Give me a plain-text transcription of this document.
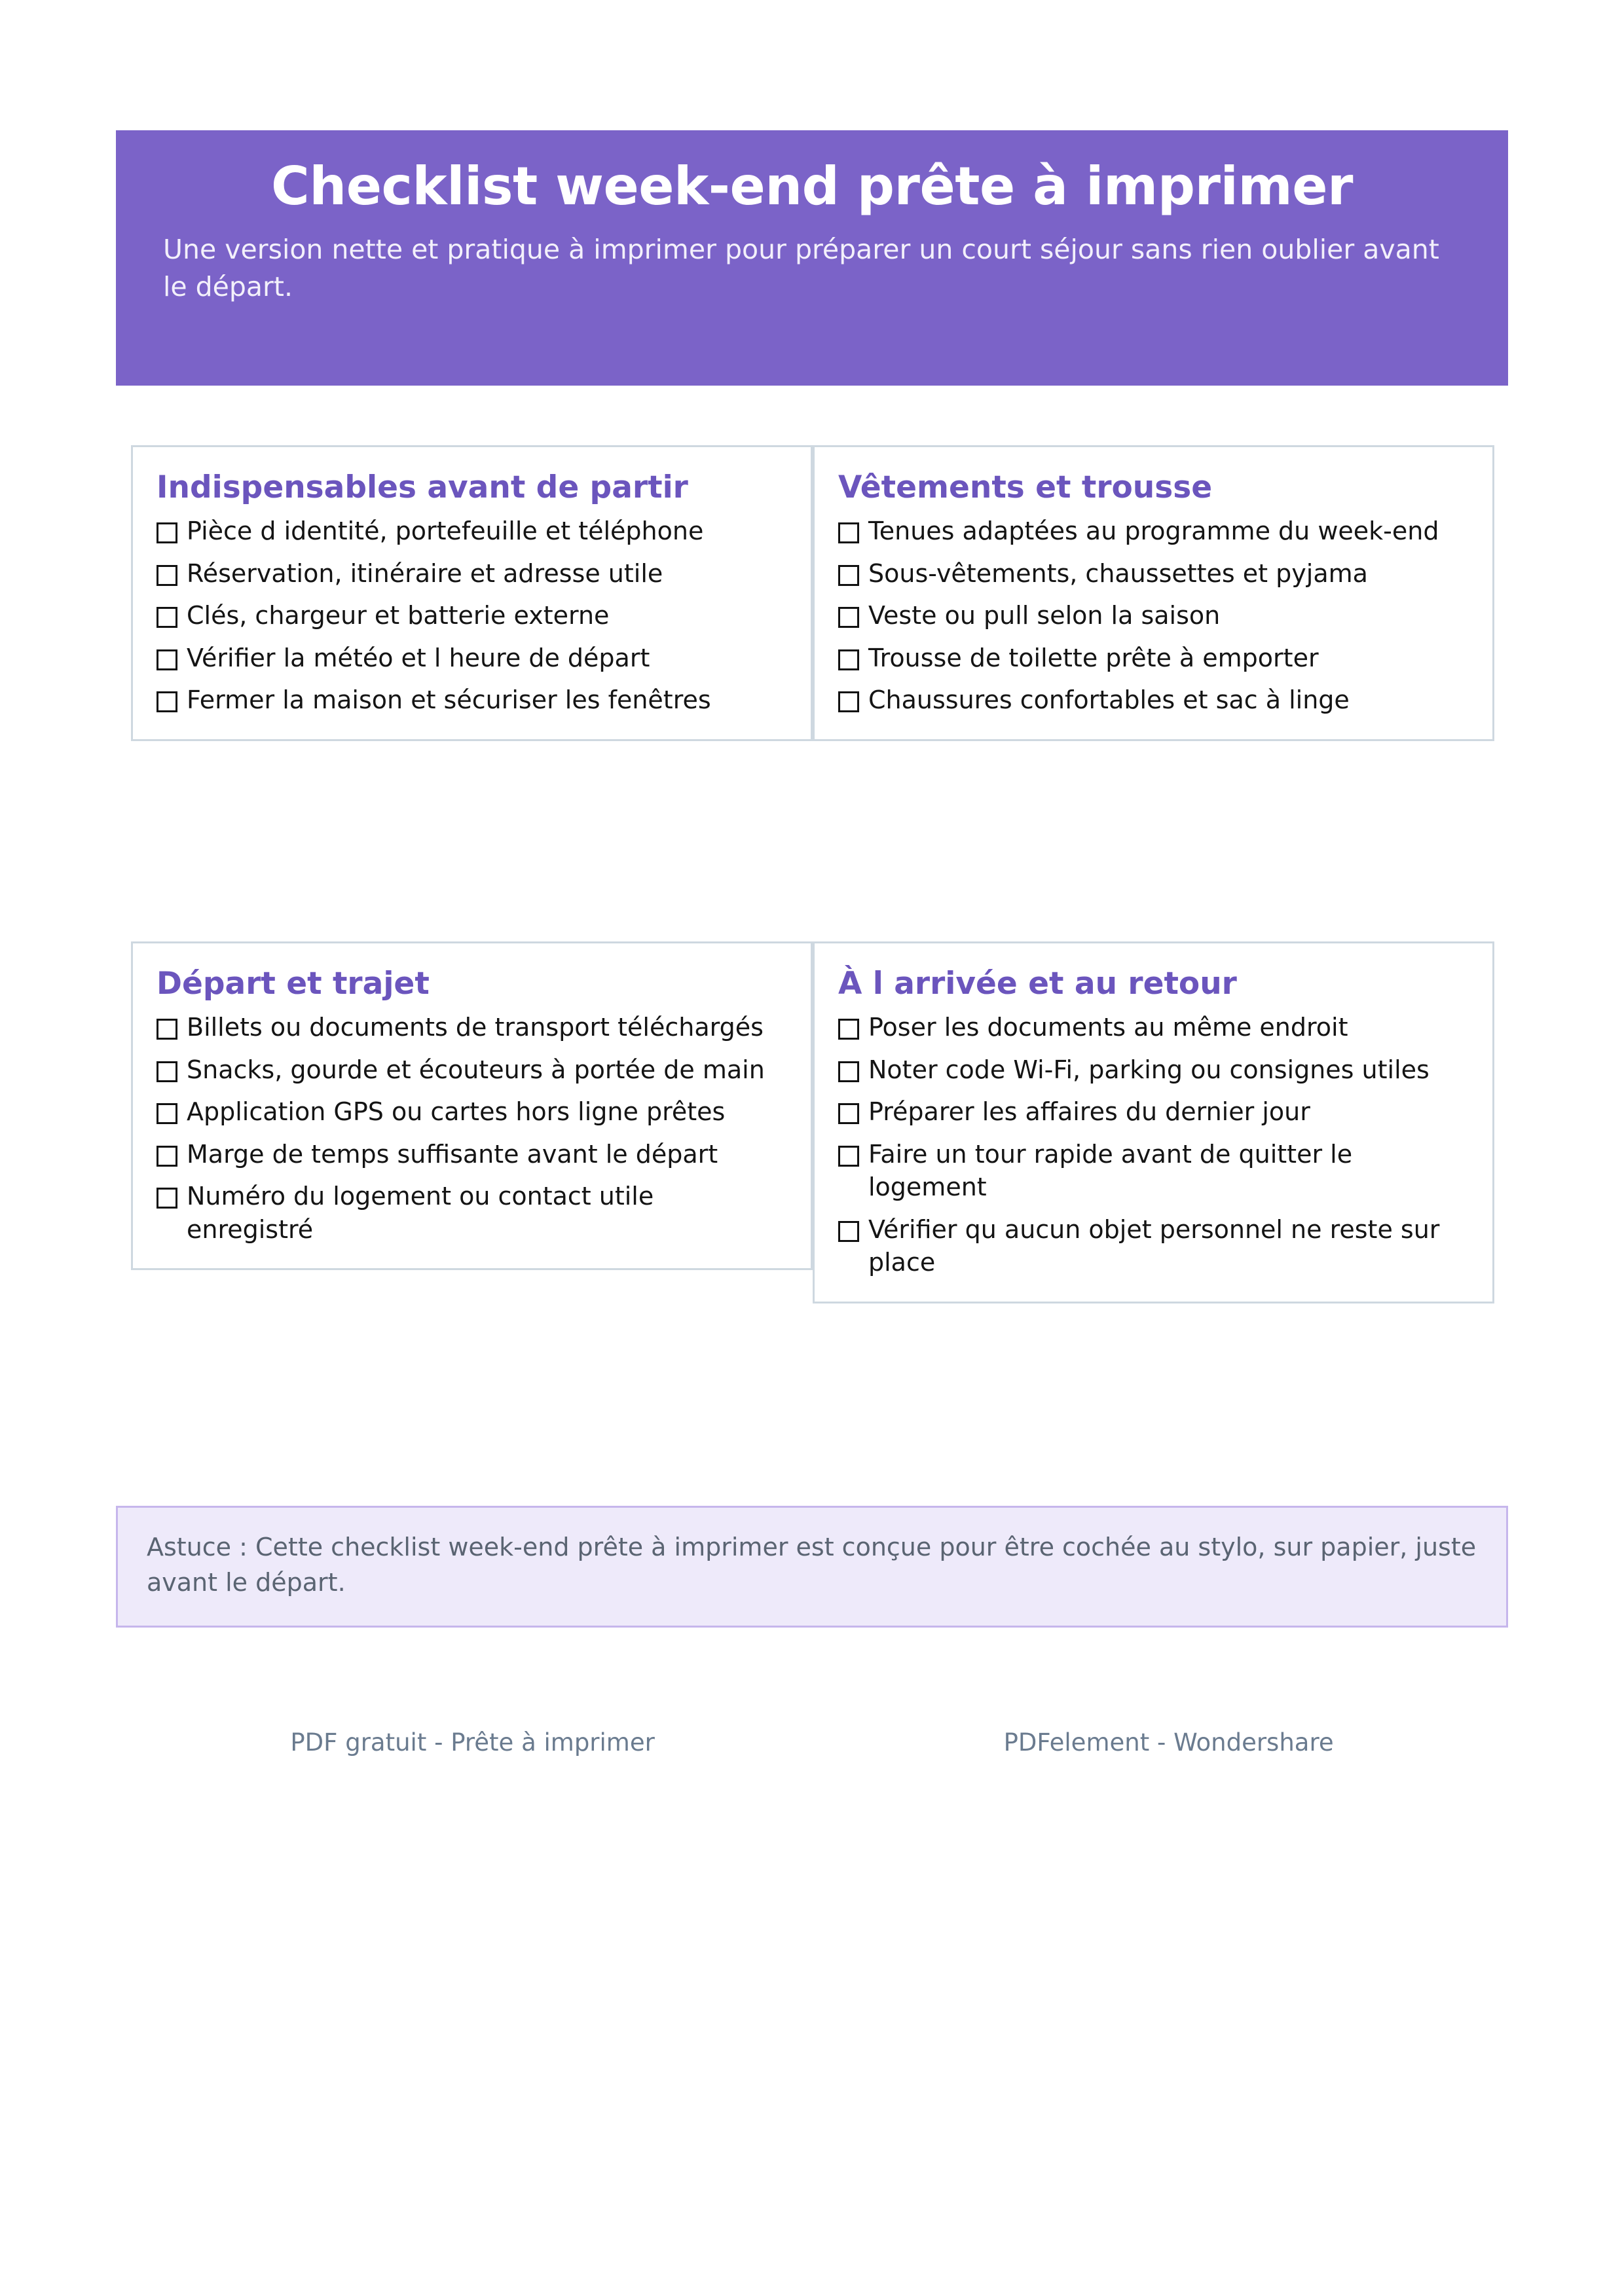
Checklist week-end prête à imprimer

Une version nette et pratique à imprimer pour préparer un court séjour sans rien oublier avant le départ.

Indispensables avant de partir
Pièce d identité, portefeuille et téléphone
Réservation, itinéraire et adresse utile
Clés, chargeur et batterie externe
Vérifier la météo et l heure de départ
Fermer la maison et sécuriser les fenêtres
Vêtements et trousse
Tenues adaptées au programme du week-end
Sous-vêtements, chaussettes et pyjama
Veste ou pull selon la saison
Trousse de toilette prête à emporter
Chaussures confortables et sac à linge
Départ et trajet
Billets ou documents de transport téléchargés
Snacks, gourde et écouteurs à portée de main
Application GPS ou cartes hors ligne prêtes
Marge de temps suffisante avant le départ
Numéro du logement ou contact utile enregistré
À l arrivée et au retour
Poser les documents au même endroit
Noter code Wi-Fi, parking ou consignes utiles
Préparer les affaires du dernier jour
Faire un tour rapide avant de quitter le logement
Vérifier qu aucun objet personnel ne reste sur place

Astuce : Cette checklist week-end prête à imprimer est conçue pour être cochée au stylo, sur papier, juste avant le départ.

PDF gratuit - Prête à imprimer	PDFelement - Wondershare
